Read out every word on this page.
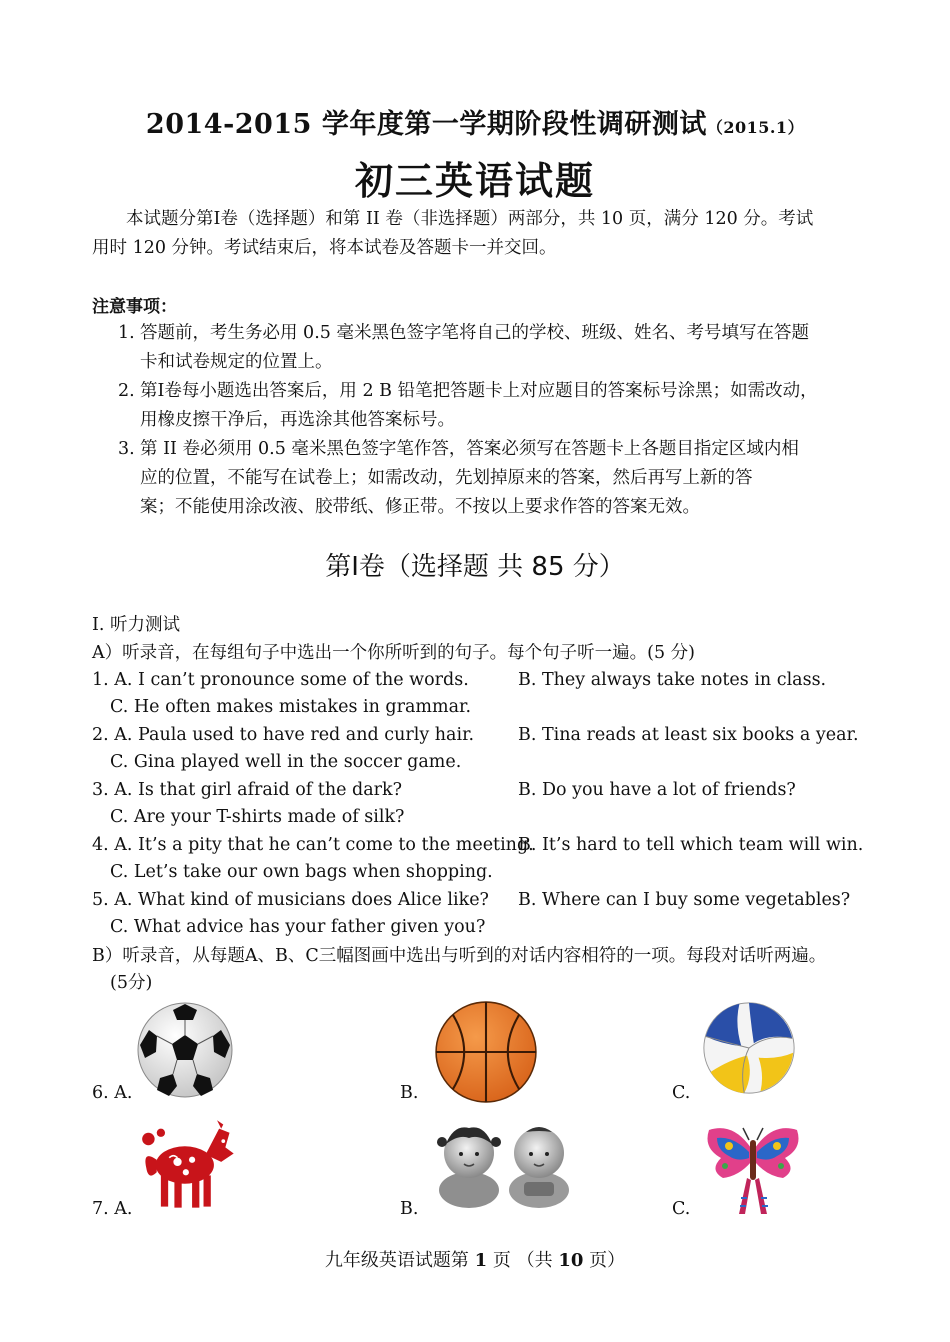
2014-2015 学年度第一学期阶段性调研测试（2015.1）
初三英语试题
本试题分第Ⅰ卷（选择题）和第 II 卷（非选择题）两部分，共 10 页，满分 120 分。考试
用时 120 分钟。考试结束后，将本试卷及答题卡一并交回。
注意事项：
1. 答题前，考生务必用 0.5 毫米黑色签字笔将自己的学校、班级、姓名、考号填写在答题
卡和试卷规定的位置上。
2. 第Ⅰ卷每小题选出答案后，用 2 B 铅笔把答题卡上对应题目的答案标号涂黑；如需改动，
用橡皮擦干净后，再选涂其他答案标号。
3. 第 II 卷必须用 0.5 毫米黑色签字笔作答，答案必须写在答题卡上各题目指定区域内相
应的位置，不能写在试卷上；如需改动，先划掉原来的答案，然后再写上新的答
案；不能使用涂改液、胶带纸、修正带。不按以上要求作答的答案无效。
第Ⅰ卷（选择题 共 85 分）
I. 听力测试
A）听录音，在每组句子中选出一个你所听到的句子。每个句子听一遍。(5 分)
1. A. I can’t pronounce some of the words.	B. They always take notes in class.
C. He often makes mistakes in grammar.
2. A. Paula used to have red and curly hair.	B. Tina reads at least six books a year.
C. Gina played well in the soccer game.
3. A. Is that girl afraid of the dark?	B. Do you have a lot of friends?
C. Are your T-shirts made of silk?
4. A. It’s a pity that he can’t come to the meeting.
B. It’s hard to tell which team will win.
C. Let’s take our own bags when shopping.
5. A. What kind of musicians does Alice like? B. Where can I buy some vegetables?
C. What advice has your father given you?
B）听录音，从每题A、B、C三幅图画中选出与听到的对话内容相符的一项。每段对话听两遍。
(5分)
6. A.	B.	C.
7. A.	B.	C.
九年级英语试题第 1 页 （共 10 页）
